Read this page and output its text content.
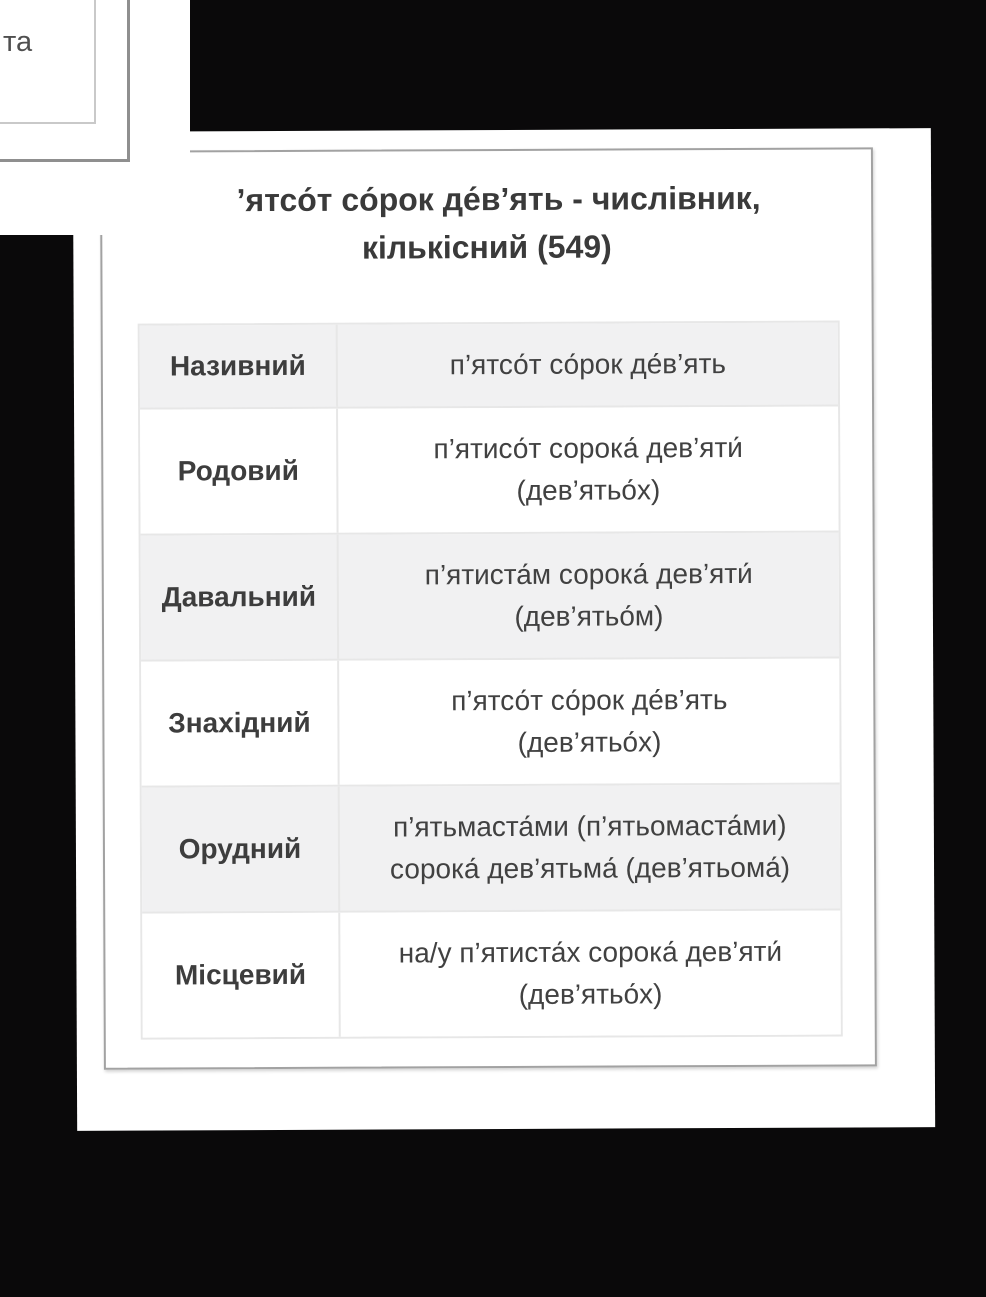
’ятсо́т со́рок де́в’ять - числівник,
кількісний (549)
Називний	п’ятсо́т со́рок де́в’ять
Родовий
п’ятисо́т сорока́ дев’яти́
(дев’ятьо́х)
Давальний
п’ятиста́м сорока́ дев’яти́
(дев’ятьо́м)
Знахідний
п’ятсо́т со́рок де́в’ять
(дев’ятьо́х)
Орудний
п’ятьмаста́ми (п’ятьомаста́ми)
сорока́ дев’ятьма́ (дев’ятьома́)
Місцевий
на/у п’ятиста́х сорока́ дев’яти́
(дев’ятьо́х)
та
